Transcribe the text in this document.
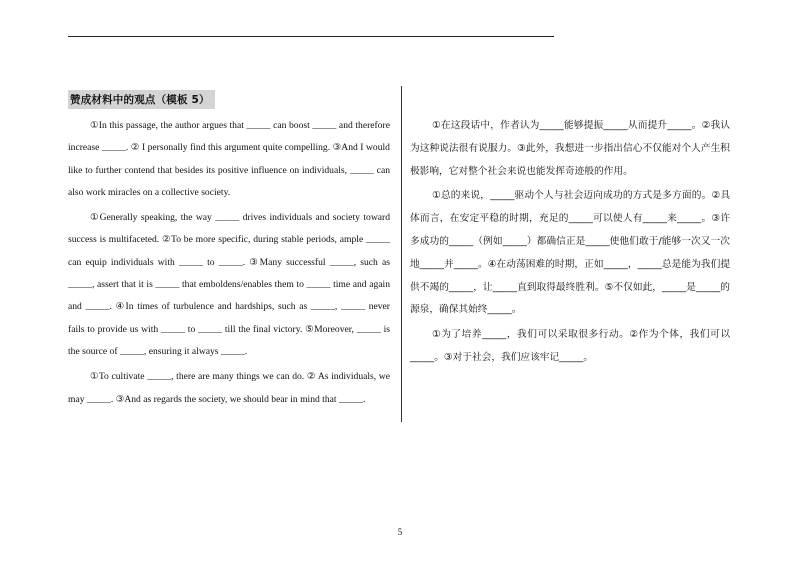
赞成材料中的观点（模板 5）

①In this passage, the author argues that _____ can boost _____ and therefore increase _____. ② I personally find this argument quite compelling. ③And I would like to further contend that besides its positive influence on individuals, _____ can also work miracles on a collective society.

①Generally speaking, the way _____ drives individuals and society toward success is multifaceted. ②To be more specific, during stable periods, ample _____ can equip individuals with _____ to _____. ③Many successful _____, such as _____, assert that it is _____ that emboldens/enables them to _____ time and again and _____. ④In times of turbulence and hardships, such as _____, _____ never fails to provide us with _____ to _____ till the final victory. ⑤Moreover, _____ is the source of _____, ensuring it always _____.

①To cultivate _____, there are many things we can do. ② As individuals, we may _____. ③And as regards the society, we should bear in mind that _____.

①在这段话中，作者认为_____能够提振_____从而提升_____。②我认为这种说法很有说服力。③此外，我想进一步指出信心不仅能对个人产生积极影响，它对整个社会来说也能发挥奇迹般的作用。

①总的来说，_____驱动个人与社会迈向成功的方式是多方面的。②具体而言，在安定平稳的时期，充足的_____可以使人有_____来_____。③许多成功的_____（例如_____）都确信正是_____使他们敢于/能够一次又一次地_____并_____。④在动荡困难的时期，正如_____，_____总是能为我们提供不竭的_____，让_____直到取得最终胜利。⑤不仅如此，_____是_____的源泉，确保其始终_____。

①为了培养_____，我们可以采取很多行动。②作为个体，我们可以_____。③对于社会，我们应该牢记_____。

5
